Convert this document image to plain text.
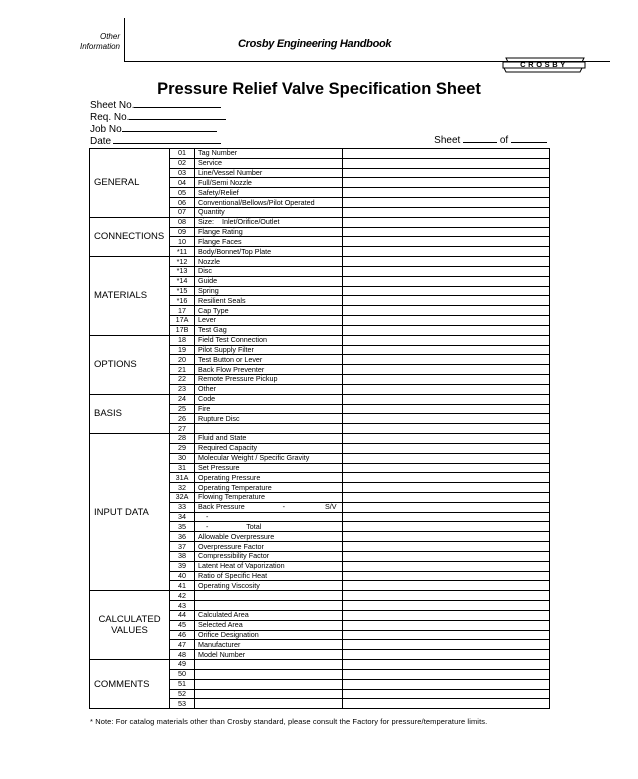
Other
Information	Crosby Engineering Handbook
CROSBY
Pressure Relief Valve Specification Sheet
Sheet No.
Req. No.
Job No
Date	Sheet	of
GENERAL	01	Tag Number	
	02	Service	
	03	Line/Vessel Number	
	04	Full/Semi Nozzle	
	05	Safety/Relief	
	06	Conventional/Bellows/Pilot Operated	
	07	Quantity	
CONNECTIONS	08	Size:    Inlet/Orifice/Outlet	
	09	Flange Rating	
	10	Flange Faces	
	*11	Body/Bonnet/Top Plate	
MATERIALS	*12	Nozzle	
	*13	Disc	
	*14	Guide	
	*15	Spring	
	*16	Resilient Seals	
	17	Cap Type	
	17A	Lever	
	17B	Test Gag	
OPTIONS	18	Field Test Connection	
	19	Pilot Supply Filter	
	20	Test Button or Lever	
	21	Back Flow Preventer	
	22	Remote Pressure Pickup	
	23	Other	
BASIS	24	Code	
	25	Fire	
	26	Rupture Disc	
	27		
INPUT DATA	28	Fluid and State	
	29	Required Capacity	
	30	Molecular Weight / Specific Gravity	
	31	Set Pressure	
	31A	Operating Pressure	
	32	Operating Temperature	
	32A	Flowing Temperature	
	33	Back Pressure                   -                    S/V	
	34	-	
	35	-                   Total	
	36	Allowable Overpressure	
	37	Overpressure Factor	
	38	Compressibility Factor	
	39	Latent Heat of Vaporization	
	40	Ratio of Specific Heat	
	41	Operating Viscosity	
CALCULATED VALUES	42		
	43		
	44	Calculated Area	
	45	Selected Area	
	46	Orifice Designation	
	47	Manufacturer	
	48	Model Number	
COMMENTS	49		
	50		
	51		
	52		
	53		
* Note: For catalog materials other than Crosby standard, please consult the Factory for pressure/temperature limits.
